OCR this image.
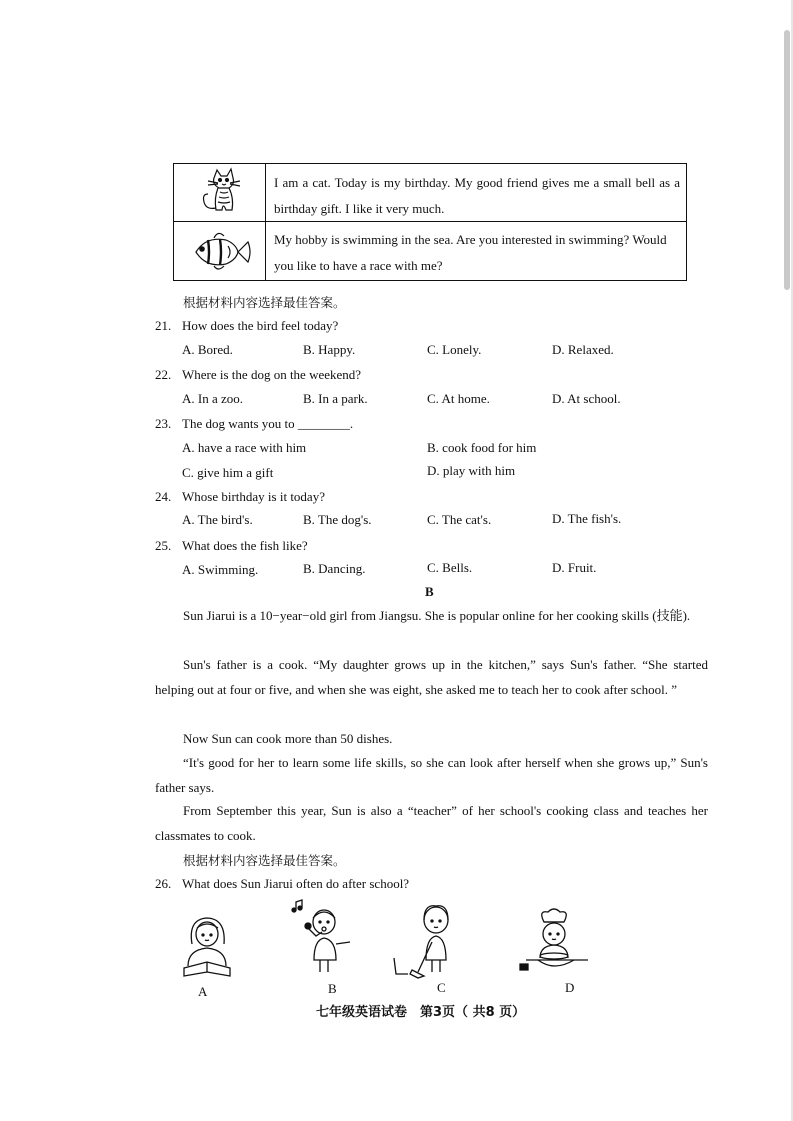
I am a cat. Today is my birthday. My good friend gives me a small bell as a birthday gift. I like it very much.
My hobby is swimming in the sea. Are you interested in swimming? Would you like to have a race with me?
根据材料内容选择最佳答案。
21. How does the bird feel today?
A. Bored.	B. Happy.	C. Lonely.	D. Relaxed.
22. Where is the dog on the weekend?
A. In a zoo.	B. In a park.	C. At home.	D. At school.
23. The dog wants you to ________.
A. have a race with him	B. cook food for him
C. give him a gift	D. play with him
24. Whose birthday is it today?
A. The bird's.	B. The dog's.	C. The cat's.	D. The fish's.
25. What does the fish like?
A. Swimming.	B. Dancing.	C. Bells.	D. Fruit.
B
Sun Jiarui is a 10−year−old girl from Jiangsu. She is popular online for her cooking skills (技能).
Sun's father is a cook. “My daughter grows up in the kitchen,” says Sun's father. “She started helping out at four or five, and when she was eight, she asked me to teach her to cook after school. ”
Now Sun can cook more than 50 dishes.
“It's good for her to learn some life skills, so she can look after herself when she grows up,” Sun's father says.
From September this year, Sun is also a “teacher” of her school's cooking class and teaches her classmates to cook.
根据材料内容选择最佳答案。
26. What does Sun Jiarui often do after school?
A	B	C	D
七年级英语试卷　第3页（ 共8 页）
